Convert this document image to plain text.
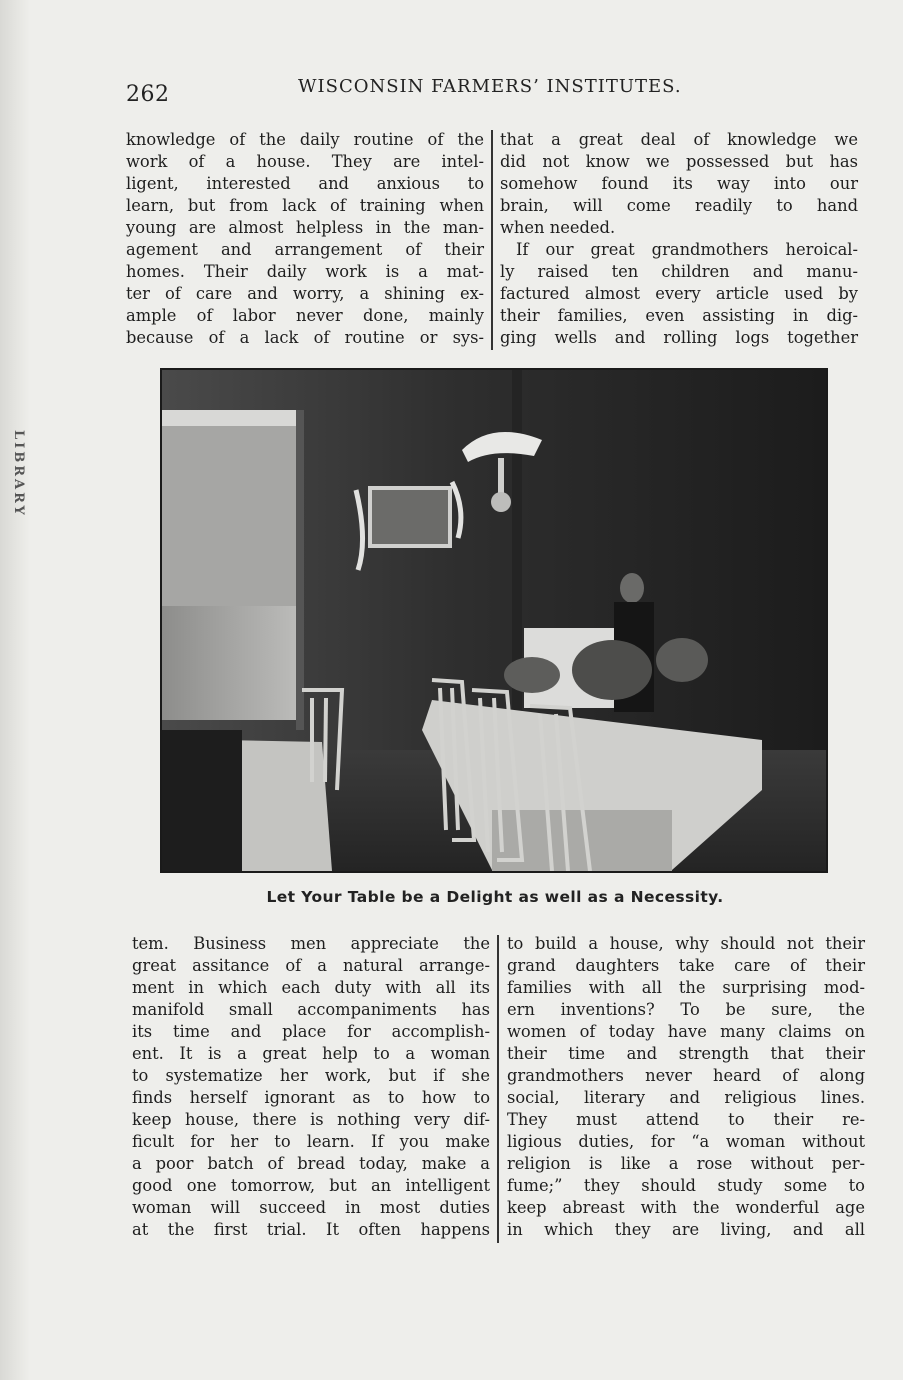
LIBRARY
262	WISCONSIN FARMERS’ INSTITUTES.
knowledge of the daily routine of the
work of a house. They are intel-
ligent, interested and anxious to
learn, but from lack of training when
young are almost helpless in the man-
agement and arrangement of their
homes. Their daily work is a mat-
ter of care and worry, a shining ex-
ample of labor never done, mainly
because of a lack of routine or sys-
that a great deal of knowledge we
did not know we possessed but has
somehow found its way into our
brain, will come readily to hand
when needed.
If our great grandmothers heroical-
ly raised ten children and manu-
factured almost every article used by
their families, even assisting in dig-
ging wells and rolling logs together
Let Your Table be a Delight as well as a Necessity.
tem. Business men appreciate the
great assitance of a natural arrange-
ment in which each duty with all its
manifold small accompaniments has
its time and place for accomplish-
ent. It is a great help to a woman
to systematize her work, but if she
finds herself ignorant as to how to
keep house, there is nothing very dif-
ficult for her to learn. If you make
a poor batch of bread today, make a
good one tomorrow, but an intelligent
woman will succeed in most duties
at the first trial. It often happens
to build a house, why should not their
grand daughters take care of their
families with all the surprising mod-
ern inventions? To be sure, the
women of today have many claims on
their time and strength that their
grandmothers never heard of along
social, literary and religious lines.
They must attend to their re-
ligious duties, for “a woman without
religion is like a rose without per-
fume;” they should study some to
keep abreast with the wonderful age
in which they are living, and all
